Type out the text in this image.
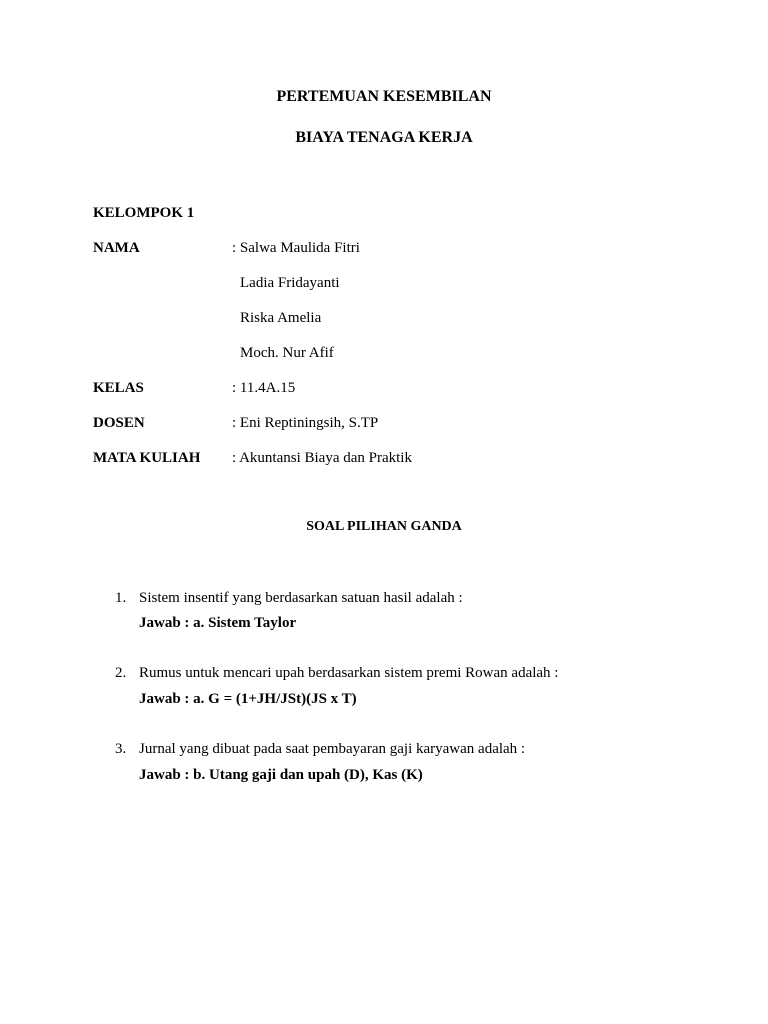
PERTEMUAN KESEMBILAN
BIAYA TENAGA KERJA
KELOMPOK 1
NAMA	: Salwa Maulida Fitri
Ladia Fridayanti
Riska Amelia
Moch. Nur Afif
KELAS	: 11.4A.15
DOSEN	: Eni Reptiningsih, S.TP
MATA KULIAH : Akuntansi Biaya dan Praktik
SOAL PILIHAN GANDA
1. Sistem insentif yang berdasarkan satuan hasil adalah :
Jawab : a. Sistem Taylor
2. Rumus untuk mencari upah berdasarkan sistem premi Rowan adalah :
Jawab : a. G = (1+JH/JSt)(JS x T)
3. Jurnal yang dibuat pada saat pembayaran gaji karyawan adalah :
Jawab : b. Utang gaji dan upah (D), Kas (K)
